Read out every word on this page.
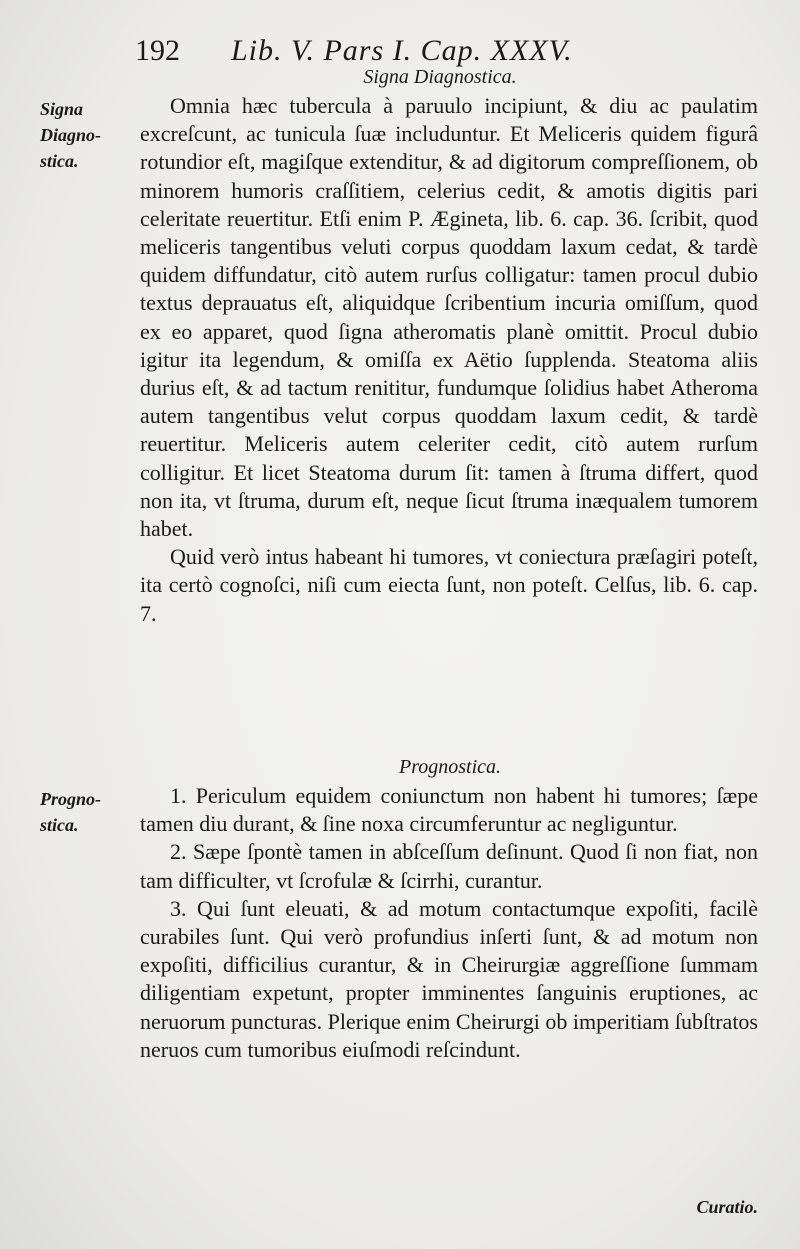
192 Lib. V. Pars I. Cap. XXXV.
Signa Diagnostica.
Signa Diagno-stica.

Omnia hæc tubercula à paruulo incipiunt, & diu ac paulatim excreſcunt, ac tunicula ſuæ includuntur. Et Meliceris quidem figurâ rotundior eſt, magiſque extenditur, & ad digitorum compreſſionem, ob minorem humoris craſſitiem, celerius cedit, & amotis digitis pari celeritate reuertitur. Etſi enim P. Ægineta, lib. 6. cap. 36. ſcribit, quod meliceris tangentibus veluti corpus quoddam laxum cedat, & tardè quidem diffundatur, citò autem rurſus colligatur: tamen procul dubio textus deprauatus eſt, aliquidque ſcribentium incuria omiſſum, quod ex eo apparet, quod ſigna atheromatis planè omittit. Procul dubio igitur ita legendum, & omiſſa ex Aëtio ſupplenda. Steatoma aliis durius eſt, & ad tactum renititur, fundumque ſolidius habet Atheroma autem tangentibus velut corpus quoddam laxum cedit, & tardè reuertitur. Meliceris autem celeriter cedit, citò autem rurſum colligitur. Et licet Steatoma durum ſit: tamen à ſtruma differt, quod non ita, vt ſtruma, durum eſt, neque ſicut ſtruma inæqualem tumorem habet.

Quid verò intus habeant hi tumores, vt coniectura præſagiri poteſt, ita certò cognoſci, niſi cum eiecta ſunt, non poteſt. Celſus, lib. 6. cap. 7.

Prognostica.
Progno-stica.

1. Periculum equidem coniunctum non habent hi tumores; ſæpe tamen diu durant, & ſine noxa circumferuntur ac negliguntur.

2. Sæpe ſpontè tamen in abſceſſum deſinunt. Quod ſi non fiat, non tam difficulter, vt ſcrofulæ & ſcirrhi, curantur.

3. Qui ſunt eleuati, & ad motum contactumque expoſiti, facilè curabiles ſunt. Qui verò profundius inſerti ſunt, & ad motum non expoſiti, difficilius curantur, & in Cheirurgiæ aggreſſione ſummam diligentiam expetunt, propter imminentes ſanguinis eruptiones, ac neruorum puncturas. Plerique enim Cheirurgi ob imperitiam ſubſtratos neruos cum tumoribus eiuſmodi reſcindunt.

Curatio.
